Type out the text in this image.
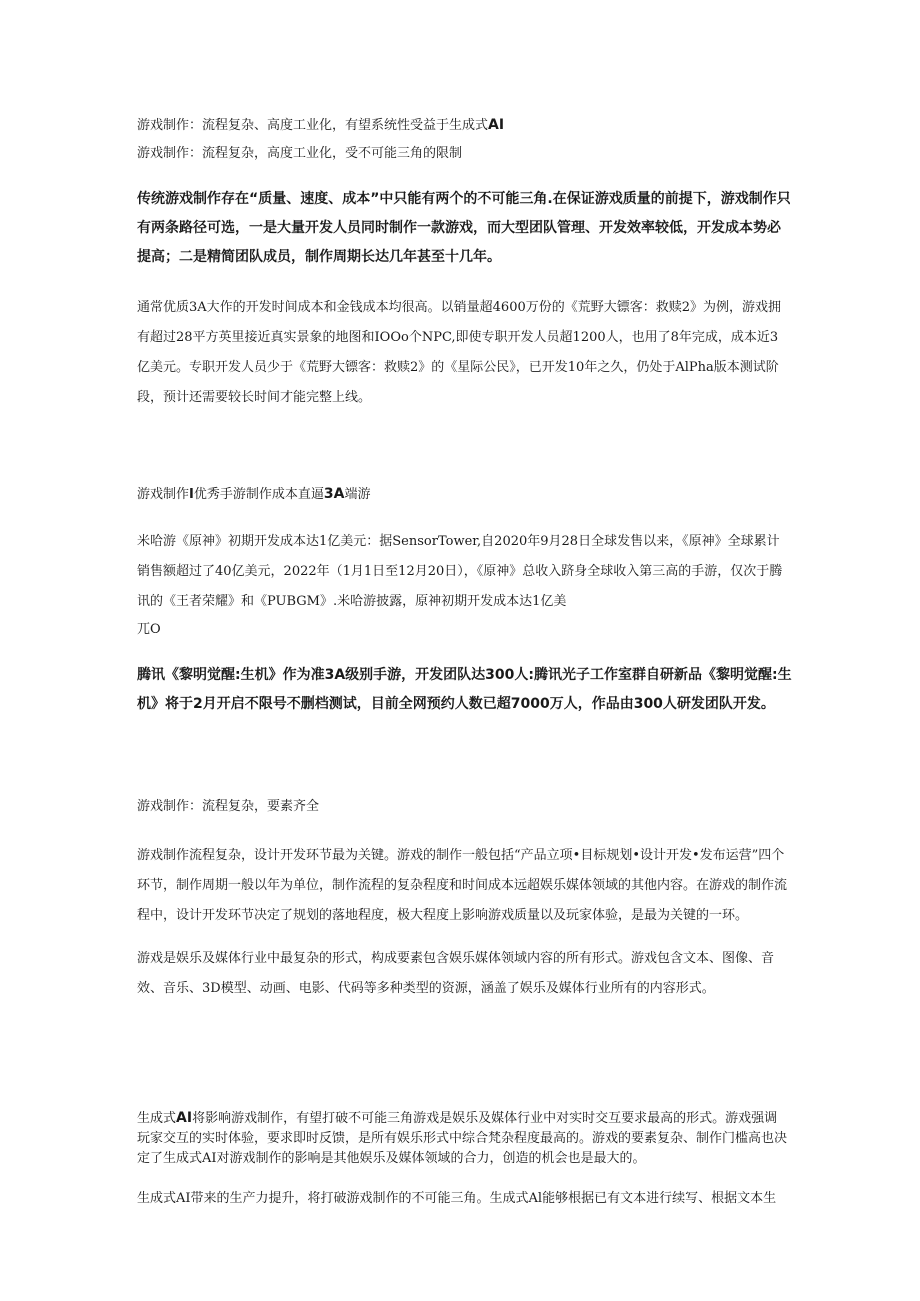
游戏制作：流程复杂、高度工业化，有望系统性受益于生成式AI

游戏制作：流程复杂，高度工业化，受不可能三角的限制

传统游戏制作存在“质量、速度、成本”中只能有两个的不可能三角.在保证游戏质量的前提下，游戏制作只有两条路径可选，一是大量开发人员同时制作一款游戏，而大型团队管理、开发效率较低，开发成本势必提高；二是精简团队成员，制作周期长达几年甚至十几年。

通常优质3A大作的开发时间成本和金钱成本均很高。以销量超4600万份的《荒野大镖客：救赎2》为例，游戏拥有超过28平方英里接近真实景象的地图和IOOo个NPC,即使专职开发人员超1200人，也用了8年完成，成本近3亿美元。专职开发人员少于《荒野大镖客：救赎2》的《星际公民》，已开发10年之久，仍处于AlPha版本测试阶段，预计还需要较长时间才能完整上线。

游戏制作I优秀手游制作成本直逼3A端游

米哈游《原神》初期开发成本达1亿美元：据SensorTower,自2020年9月28日全球发售以来，《原神》全球累计销售额超过了40亿美元，2022年（1月1日至12月20日），《原神》总收入跻身全球收入第三高的手游，仅次于腾讯的《王者荣耀》和《PUBGM》.米哈游披露，原神初期开发成本达1亿美

兀O

腾讯《黎明觉醒:生机》作为准3A级别手游，开发团队达300人:腾讯光子工作室群自研新品《黎明觉醒:生机》将于2月开启不限号不删档测试，目前全网预约人数已超7000万人，作品由300人研发团队开发。

游戏制作：流程复杂，要素齐全

游戏制作流程复杂，设计开发环节最为关键。游戏的制作一般包括“产品立项•目标规划•设计开发•发布运营”四个环节，制作周期一般以年为单位，制作流程的复杂程度和时间成本远超娱乐媒体领域的其他内容。在游戏的制作流程中，设计开发环节决定了规划的落地程度，极大程度上影响游戏质量以及玩家体验，是最为关键的一环。

游戏是娱乐及媒体行业中最复杂的形式，构成要素包含娱乐媒体领域内容的所有形式。游戏包含文本、图像、音效、音乐、3D模型、动画、电影、代码等多种类型的资源，涵盖了娱乐及媒体行业所有的内容形式。

生成式AI将影响游戏制作，有望打破不可能三角游戏是娱乐及媒体行业中对实时交互要求最高的形式。游戏强调玩家交互的实时体验，要求即时反馈，是所有娱乐形式中综合梵杂程度最高的。游戏的要素复杂、制作门槛高也决定了生成式AI对游戏制作的影响是其他娱乐及媒体领域的合力，创造的机会也是最大的。

生成式AI带来的生产力提升，将打破游戏制作的不可能三角。生成式Al能够根据已有文本进行续写、根据文本生
